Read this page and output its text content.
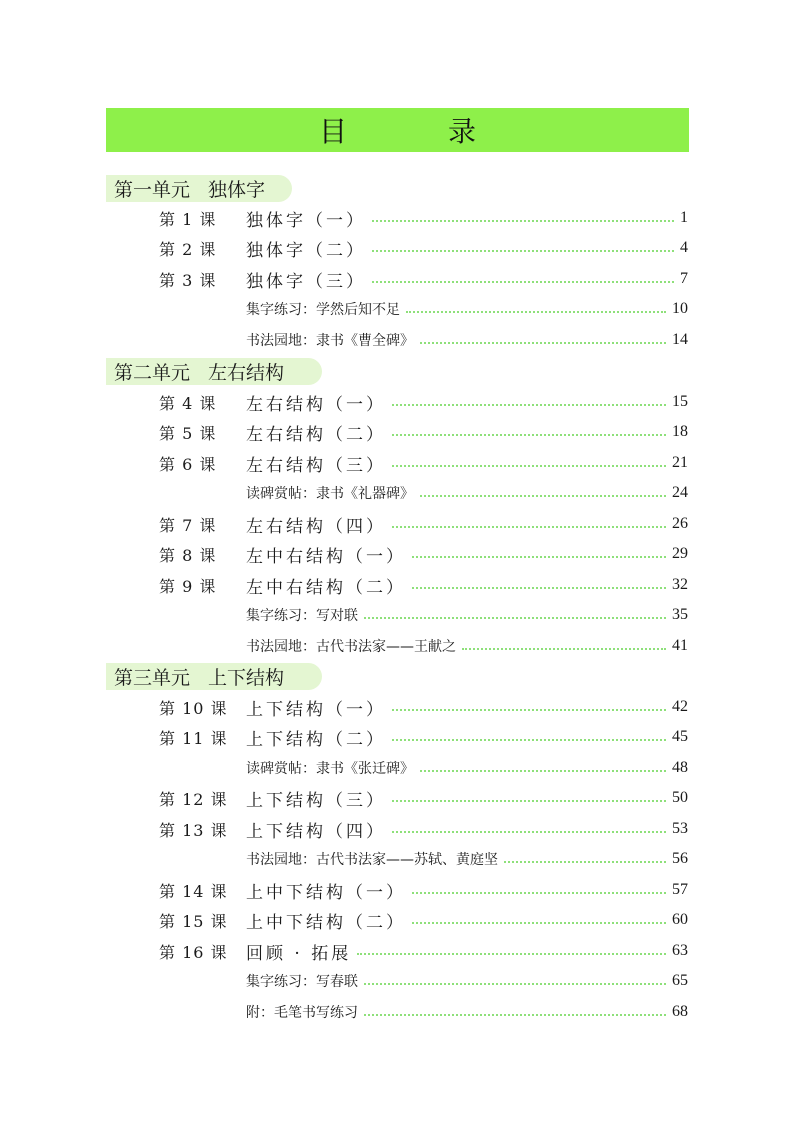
目 录
第一单元 独体字
第二单元 左右结构
第三单元 上下结构
第 1 课 独体字（一）	1
第 2 课 独体字（二）	4
第 3 课 独体字（三）	7
集字练习：学然后知不足	10
书法园地：隶书《曹全碑》	14
第 4 课 左右结构（一）	15
第 5 课 左右结构（二）	18
第 6 课 左右结构（三）	21
读碑赏帖：隶书《礼器碑》	24
第 7 课 左右结构（四）	26
第 8 课 左中右结构（一）	29
第 9 课 左中右结构（二）	32
集字练习：写对联	35
书法园地：古代书法家——王献之	41
第 10 课 上下结构（一）	42
第 11 课 上下结构（二）	45
读碑赏帖：隶书《张迁碑》	48
第 12 课 上下结构（三）	50
第 13 课 上下结构（四）	53
书法园地：古代书法家——苏轼、黄庭坚	56
第 14 课 上中下结构（一）	57
第 15 课 上中下结构（二）	60
第 16 课 回顾 · 拓展	63
集字练习：写春联	65
附：毛笔书写练习	68
